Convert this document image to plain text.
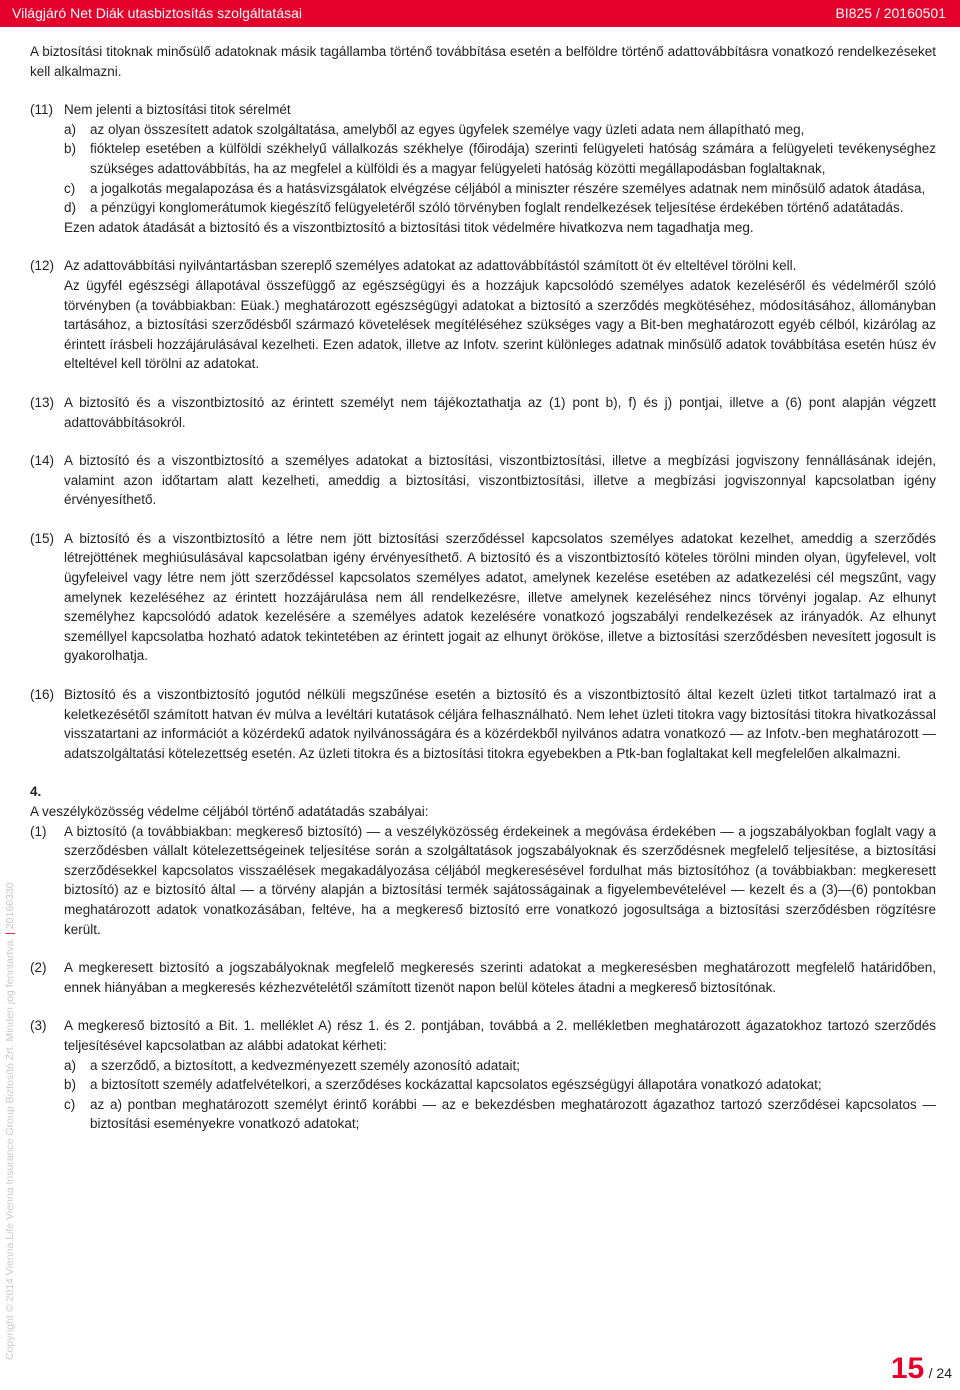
Világjáró Net Diák utasbiztosítás szolgáltatásai	BI825 / 20160501
Copyright © 2014 Vienna Life Vienna Insurance Group Biztosító Zrt. Minden jog fenntartva. | 20160330

A biztosítási titoknak minősülő adatoknak másik tagállamba történő továbbítása esetén a belföldre történő adattovábbításra vonatkozó rendelkezéseket kell alkalmazni.

(11) Nem jelenti a biztosítási titok sérelmét

a) az olyan összesített adatok szolgáltatása, amelyből az egyes ügyfelek személye vagy üzleti adata nem állapítható meg,

b) fióktelep esetében a külföldi székhelyű vállalkozás székhelye (főirodája) szerinti felügyeleti hatóság számára a felügyeleti tevékenységhez szükséges adattovábbítás, ha az megfelel a külföldi és a magyar felügyeleti hatóság közötti megállapodásban foglaltaknak,

c) a jogalkotás megalapozása és a hatásvizsgálatok elvégzése céljából a miniszter részére személyes adatnak nem minősülő adatok átadása,

d) a pénzügyi konglomerátumok kiegészítő felügyeletéről szóló törvényben foglalt rendelkezések teljesítése érdekében történő adatátadás.

Ezen adatok átadását a biztosító és a viszontbiztosító a biztosítási titok védelmére hivatkozva nem tagadhatja meg.

(12) Az adattovábbítási nyilvántartásban szereplő személyes adatokat az adattovábbítástól számított öt év elteltével törölni kell.

Az ügyfél egészségi állapotával összefüggő az egészségügyi és a hozzájuk kapcsolódó személyes adatok kezeléséről és védelméről szóló törvényben (a továbbiakban: Eüak.) meghatározott egészségügyi adatokat a biztosító a szerződés megkötéséhez, módosításához, állományban tartásához, a biztosítási szerződésből származó követelések megítéléséhez szükséges vagy a Bit-ben meghatározott egyéb célból, kizárólag az érintett írásbeli hozzájárulásával kezelheti. Ezen adatok, illetve az Infotv. szerint különleges adatnak minősülő adatok továbbítása esetén húsz év elteltével kell törölni az adatokat.

(13) A biztosító és a viszontbiztosító az érintett személyt nem tájékoztathatja az (1) pont b), f) és j) pontjai, illetve a (6) pont alapján végzett adattovábbításokról.

(14) A biztosító és a viszontbiztosító a személyes adatokat a biztosítási, viszontbiztosítási, illetve a megbízási jogviszony fennállásának idején, valamint azon időtartam alatt kezelheti, ameddig a biztosítási, viszontbiztosítási, illetve a megbízási jogviszonnyal kapcsolatban igény érvényesíthető.

(15) A biztosító és a viszontbiztosító a létre nem jött biztosítási szerződéssel kapcsolatos személyes adatokat kezelhet, ameddig a szerződés létrejöttének meghiúsulásával kapcsolatban igény érvényesíthető. A biztosító és a viszontbiztosító köteles törölni minden olyan, ügyfelevel, volt ügyfeleivel vagy létre nem jött szerződéssel kapcsolatos személyes adatot, amelynek kezelése esetében az adatkezelési cél megszűnt, vagy amelynek kezeléséhez az érintett hozzájárulása nem áll rendelkezésre, illetve amelynek kezeléséhez nincs törvényi jogalap. Az elhunyt személyhez kapcsolódó adatok kezelésére a személyes adatok kezelésére vonatkozó jogszabályi rendelkezések az irányadók. Az elhunyt személlyel kapcsolatba hozható adatok tekintetében az érintett jogait az elhunyt örököse, illetve a biztosítási szerződésben nevesített jogosult is gyakorolhatja.

(16) Biztosító és a viszontbiztosító jogutód nélküli megszűnése esetén a biztosító és a viszontbiztosító által kezelt üzleti titkot tartalmazó irat a keletkezésétől számított hatvan év múlva a levéltári kutatások céljára felhasználható. Nem lehet üzleti titokra vagy biztosítási titokra hivatkozással visszatartani az információt a közérdekű adatok nyilvánosságára és a közérdekből nyilvános adatra vonatkozó — az Infotv.-ben meghatározott — adatszolgáltatási kötelezettség esetén. Az üzleti titokra és a biztosítási titokra egyebekben a Ptk-ban foglaltakat kell megfelelően alkalmazni.

4.

A veszélyközösség védelme céljából történő adatátadás szabályai:

(1) A biztosító (a továbbiakban: megkereső biztosító) — a veszélyközösség érdekeinek a megóvása érdekében — a jogszabályokban foglalt vagy a szerződésben vállalt kötelezettségeinek teljesítése során a szolgáltatások jogszabályoknak és szerződésnek megfelelő teljesítése, a biztosítási szerződésekkel kapcsolatos visszaélések megakadályozása céljából megkeresésével fordulhat más biztosítóhoz (a továbbiakban: megkeresett biztosító) az e biztosító által — a törvény alapján a biztosítási termék sajátosságainak a figyelembevételével — kezelt és a (3)—(6) pontokban meghatározott adatok vonatkozásában, feltéve, ha a megkereső biztosító erre vonatkozó jogosultsága a biztosítási szerződésben rögzítésre került.

(2) A megkeresett biztosító a jogszabályoknak megfelelő megkeresés szerinti adatokat a megkeresésben meghatározott megfelelő határidőben, ennek hiányában a megkeresés kézhezvételétől számított tizenöt napon belül köteles átadni a megkereső biztosítónak.

(3) A megkereső biztosító a Bit. 1. melléklet A) rész 1. és 2. pontjában, továbbá a 2. mellékletben meghatározott ágazatokhoz tartozó szerződés teljesítésével kapcsolatban az alábbi adatokat kérheti:

a) a szerződő, a biztosított, a kedvezményezett személy azonosító adatait;

b) a biztosított személy adatfelvételkori, a szerződéses kockázattal kapcsolatos egészségügyi állapotára vonatkozó adatokat;

c) az a) pontban meghatározott személyt érintő korábbi — az e bekezdésben meghatározott ágazathoz tartozó szerződései kapcsolatos — biztosítási eseményekre vonatkozó adatokat;

15 / 24
